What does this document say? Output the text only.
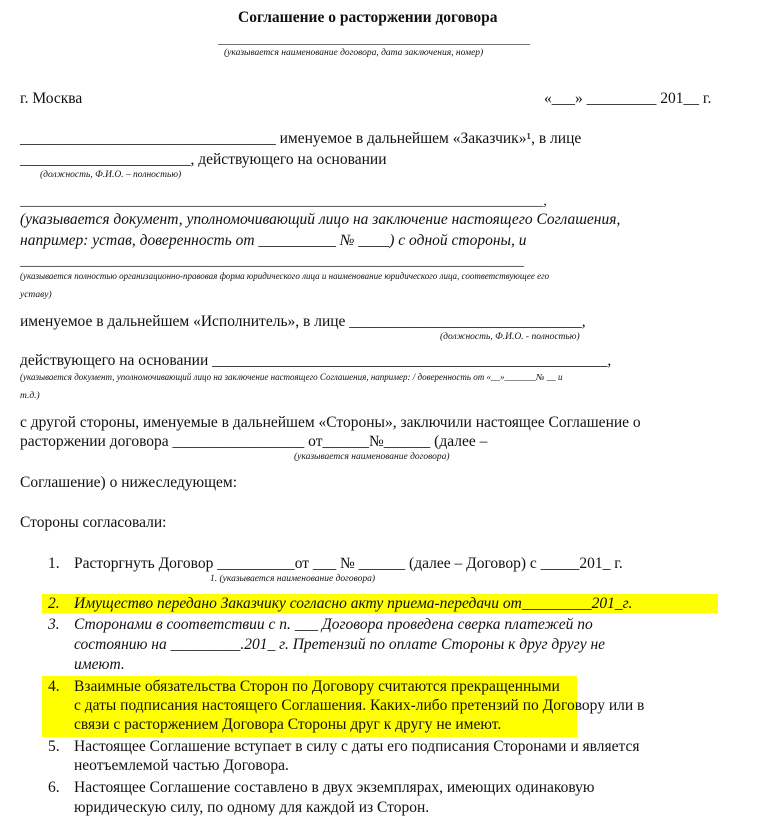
Соглашение о расторжении договора
____________________________________________________
(указывается наименование договора, дата заключения, номер)
г. Москва	«___» _________ 201__ г.
_________________________________ именуемое в дальнейшем «Заказчик»¹, в лице
______________________, действующего на основании
(должность, Ф.И.О. – полностью)
_____________________________________________________________________________,
(указывается документ, уполномочивающий лицо на заключение настоящего Соглашения,
например: устав, доверенность от __________ № ____) с одной стороны, и
________________________________________________________________________
(указывается полностью организационно-правовая форма юридического лица и наименование юридического лица, соответствующее его
уставу)
именуемое в дальнейшем «Исполнитель», в лице ______________________________,
(должность, Ф.И.О. - полностью)
действующего на основании ___________________________________________________,
(указывается документ, уполномочивающий лицо на заключение настоящего Соглашения, например: / доверенность от «__»_______№ __ и
т.д.)
с другой стороны, именуемые в дальнейшем «Стороны», заключили настоящее Соглашение о
расторжении договора _________________ от______№______ (далее –
(указывается наименование договора)
Соглашение) о нижеследующем:
Стороны согласовали:
1. Расторгнуть Договор __________от ___ № ______ (далее – Договор) с _____201_ г.
1. (указывается наименование договора)
2. Имущество передано Заказчику согласно акту приема-передачи от_________201_г.
3. Сторонами в соответствии с п. ___ Договора проведена сверка платежей по
состоянию на _________.201_ г. Претензий по оплате Стороны к друг другу не
имеют.
4. Взаимные обязательства Сторон по Договору считаются прекращенными
с даты подписания настоящего Соглашения. Каких-либо претензий по Договору или в
связи с расторжением Договора Стороны друг к другу не имеют.
5. Настоящее Соглашение вступает в силу с даты его подписания Сторонами и является
неотъемлемой частью Договора.
6. Настоящее Соглашение составлено в двух экземплярах, имеющих одинаковую
юридическую силу, по одному для каждой из Сторон.
